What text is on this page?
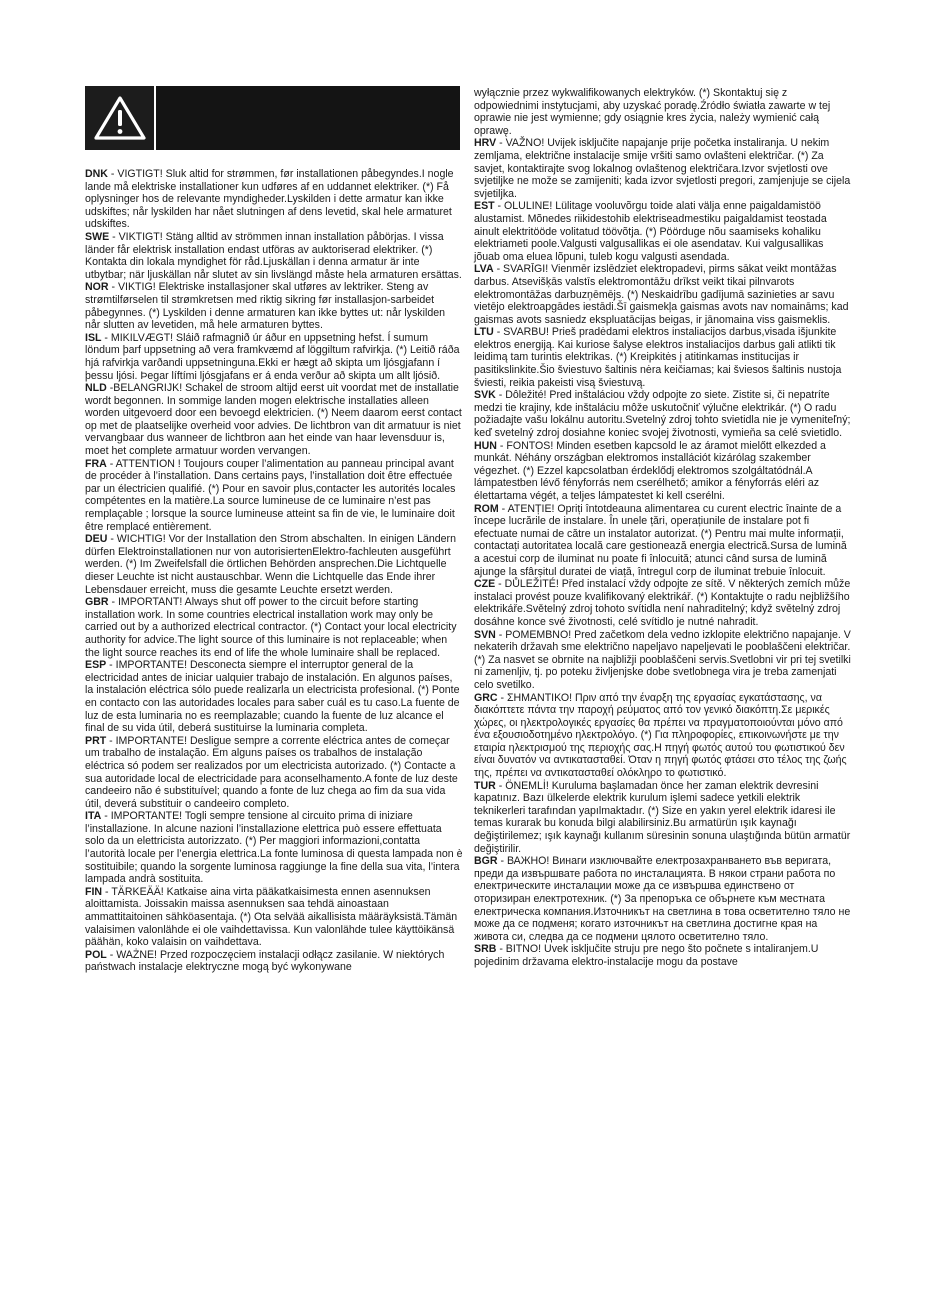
DNK - VIGTIGT! Sluk altid for strømmen, før installationen påbegyndes.I nogle lande må elektriske installationer kun udføres af en uddannet elektriker. (*) Få oplysninger hos de relevante myndigheder.Lyskilden i dette armatur kan ikke udskiftes; når lyskilden har nået slutningen af dens levetid, skal hele armaturet udskiftes.

SWE - VIKTIGT! Stäng alltid av strömmen innan installation påbörjas. I vissa länder får elektrisk installation endast utföras av auktoriserad elektriker. (*) Kontakta din lokala myndighet för råd.Ljuskällan i denna armatur är inte utbytbar; när ljuskällan når slutet av sin livslängd måste hela armaturen ersättas.

NOR - VIKTIG! Elektriske installasjoner skal utføres av lektriker. Steng av strømtilførselen til strømkretsen med riktig sikring før installasjon-sarbeidet påbegynnes. (*) Lyskilden i denne armaturen kan ikke byttes ut: når lyskilden når slutten av levetiden, må hele armaturen byttes.

ISL - MIKILVÆGT! Sláið rafmagnið úr áður en uppsetning hefst. Í sumum löndum þarf uppsetning að vera framkvæmd af löggiltum rafvirkja. (*) Leitið ráða hjá rafvirkja varðandi uppsetninguna.Ekki er hægt að skipta um ljósgjafann í þessu ljósi. Þegar líftími ljósgjafans er á enda verður að skipta um allt ljósið.

NLD -BELANGRIJK! Schakel de stroom altijd eerst uit voordat met de installatie wordt begonnen. In sommige landen mogen elektrische installaties alleen worden uitgevoerd door een bevoegd elektricien. (*) Neem daarom eerst contact op met de plaatselijke overheid voor advies. De lichtbron van dit armatuur is niet vervangbaar dus wanneer de lichtbron aan het einde van haar levensduur is, moet het complete armatuur worden vervangen.

FRA - ATTENTION ! Toujours couper l’alimentation au panneau principal avant de procéder à l’installation. Dans certains pays, l’installation doit être effectuée par un électricien qualifié. (*) Pour en savoir plus,contacter les autorités locales compétentes en la matière.La source lumineuse de ce luminaire n’est pas remplaçable ; lorsque la source lumineuse atteint sa fin de vie, le luminaire doit être remplacé entièrement.

DEU - WICHTIG! Vor der Installation den Strom abschalten. In einigen Ländern dürfen Elektroinstallationen nur von autorisiertenElektro-fachleuten ausgeführt werden. (*) Im Zweifelsfall die örtlichen Behörden ansprechen.Die Lichtquelle dieser Leuchte ist nicht austauschbar. Wenn die Lichtquelle das Ende ihrer Lebensdauer erreicht, muss die gesamte Leuchte ersetzt werden.

GBR - IMPORTANT! Always shut off power to the circuit before starting installation work. In some countries electrical installation work may only be carried out by a authorized electrical contractor. (*) Contact your local electricity authority for advice.The light source of this luminaire is not replaceable; when the light source reaches its end of life the whole luminaire shall be replaced.

ESP - IMPORTANTE! Desconecta siempre el interruptor general de la electricidad antes de iniciar ualquier trabajo de instalación. En algunos países, la instalación eléctrica sólo puede realizarla un electricista profesional. (*) Ponte en contacto con las autoridades locales para saber cuál es tu caso.La fuente de luz de esta luminaria no es reemplazable; cuando la fuente de luz alcance el final de su vida útil, deberá sustituirse la luminaria completa.

PRT - IMPORTANTE! Desligue sempre a corrente eléctrica antes de começar um trabalho de instalação. Em alguns países os trabalhos de instalação eléctrica só podem ser realizados por um electricista autorizado. (*) Contacte a sua autoridade local de electricidade para aconselhamento.A fonte de luz deste candeeiro não é substituível; quando a fonte de luz chega ao fim da sua vida útil, deverá substituir o candeeiro completo.

ITA - IMPORTANTE! Togli sempre tensione al circuito prima di iniziare l’installazione. In alcune nazioni l’installazione elettrica può essere effettuata solo da un elettricista autorizzato. (*) Per maggiori informazioni,contatta l’autorità locale per l’energia elettrica.La fonte luminosa di questa lampada non è sostituibile; quando la sorgente luminosa raggiunge la fine della sua vita, l’intera lampada andrà sostituita.

FIN - TÄRKEÄÄ! Katkaise aina virta pääkatkaisimesta ennen asennuksen aloittamista. Joissakin maissa asennuksen saa tehdä ainoastaan ammattitaitoinen sähköasentaja. (*) Ota selvää aikallisista määräyksistä.Tämän valaisimen valonlähde ei ole vaihdettavissa. Kun valonlähde tulee käyttöikänsä päähän, koko valaisin on vaihdettava.

POL - WAŻNE! Przed rozpoczęciem instalacji odłącz zasilanie. W niektórych państwach instalacje elektryczne mogą być wykonywane

wyłącznie przez wykwalifikowanych elektryków. (*) Skontaktuj się z odpowiednimi instytucjami, aby uzyskać poradę.Źródło światła zawarte w tej oprawie nie jest wymienne; gdy osiągnie kres życia, należy wymienić całą oprawę.

HRV - VAŽNO! Uvijek isključite napajanje prije početka instaliranja. U nekim zemljama, električne instalacije smije vršiti samo ovlašteni električar. (*) Za savjet, kontaktirajte svog lokalnog ovlaštenog električara.Izvor svjetlosti ove svjetiljke ne može se zamijeniti; kada izvor svjetlosti pregori, zamjenjuje se cijela svjetiljka.

EST - OLULINE! Lülitage vooluvõrgu toide alati välja enne paigaldamistöö alustamist. Mõnedes riikidestohib elektriseadmestiku paigaldamist teostada ainult elektritööde volitatud töövõtja. (*) Pöörduge nõu saamiseks kohaliku elektriameti poole.Valgusti valgusallikas ei ole asendatav. Kui valgusallikas jõuab oma eluea lõpuni, tuleb kogu valgusti asendada.

LVA - SVARĪGI! Vienmēr izslēdziet elektropadevi, pirms sākat veikt montāžas darbus. Atsevišķās valstīs elektromontāžu drīkst veikt tikai pilnvarots elektromontāžas darbuzņēmējs. (*) Neskaidrību gadījumā sazinieties ar savu vietējo elektroapgādes iestādi.Šī gaismekļa gaismas avots nav nomaināms; kad gaismas avots sasniedz ekspluatācijas beigas, ir jānomaina viss gaismeklis.

LTU - SVARBU! Prieš pradėdami elektros instaliacijos darbus,visada išjunkite elektros energiją. Kai kuriose šalyse elektros instaliacijos darbus gali atlikti tik leidimą tam turintis elektrikas. (*) Kreipkitės į atitinkamas institucijas ir pasitikslinkite.Šio šviestuvo šaltinis nėra keičiamas; kai šviesos šaltinis nustoja šviesti, reikia pakeisti visą šviestuvą.

SVK - Dôležité! Pred inštaláciou vždy odpojte zo siete. Zistite si, či nepatríte medzi tie krajiny, kde inštaláciu môže uskutočniť výlučne elektrikár. (*) O radu požiadajte vašu lokálnu autoritu.Svetelný zdroj tohto svietidla nie je vymeniteľný; keď svetelný zdroj dosiahne koniec svojej životnosti, vymieňa sa celé svietidlo.

HUN - FONTOS! Minden esetben kapcsold le az áramot mielőtt elkezded a munkát. Néhány országban elektromos installációt kizárólag szakember végezhet. (*) Ezzel kapcsolatban érdeklődj elektromos szolgáltatódnál.A lámpatestben lévő fényforrás nem cserélhető; amikor a fényforrás eléri az élettartama végét, a teljes lámpatestet ki kell cserélni.

ROM - ATENȚIE! Opriți întotdeauna alimentarea cu curent electric înainte de a începe lucrările de instalare. În unele țări, operațiunile de instalare pot fi efectuate numai de către un instalator autorizat. (*) Pentru mai multe informații, contactați autoritatea locală care gestionează energia electrică.Sursa de lumină a acestui corp de iluminat nu poate fi înlocuită; atunci când sursa de lumină ajunge la sfârșitul duratei de viață, întregul corp de iluminat trebuie înlocuit.

CZE - DŮLEŽITÉ! Před instalací vždy odpojte ze sítě. V některých zemích může instalaci provést pouze kvalifikovaný elektrikář. (*) Kontaktujte o radu nejbližšího elektrikáře.Světelný zdroj tohoto svítidla není nahraditelný; když světelný zdroj dosáhne konce své životnosti, celé svítidlo je nutné nahradit.

SVN - POMEMBNO! Pred začetkom dela vedno izklopite električno napajanje. V nekaterih državah sme električno napeljavo napeljevati le pooblaščeni električar. (*) Za nasvet se obrnite na najbližji pooblaščeni servis.Svetlobni vir pri tej svetilki ni zamenljiv, tj. po poteku življenjske dobe svetlobnega vira je treba zamenjati celo svetilko.

GRC - ΣΗΜΑΝΤΙΚΟ! Πριν από την έναρξη της εργασίας εγκατάστασης, να διακόπτετε πάντα την παροχή ρεύματος από τον γενικό διακόπτη.Σε μερικές χώρες, οι ηλεκτρολογικές εργασίες θα πρέπει να πραγματοποιούνται μόνο από ένα εξουσιοδοτημένο ηλεκτρολόγο. (*) Για πληροφορίες, επικοινωνήστε με την εταιρία ηλεκτρισμού της περιοχής σας.Η πηγή φωτός αυτού του φωτιστικού δεν είναι δυνατόν να αντικατασταθεί. Όταν η πηγή φωτός φτάσει στο τέλος της ζωής της, πρέπει να αντικατασταθεί ολόκληρο το φωτιστικό.

TUR - ÖNEMLİ! Kuruluma başlamadan önce her zaman elektrik devresini kapatınız. Bazı ülkelerde elektrik kurulum işlemi sadece yetkili elektrik teknikerleri tarafından yapılmaktadır. (*) Size en yakın yerel elektrik idaresi ile temas kurarak bu konuda bilgi alabilirsiniz.Bu armatürün ışık kaynağı değiştirilemez; ışık kaynağı kullanım süresinin sonuna ulaştığında bütün armatür değiştirilir.

BGR - ВАЖНО! Винаги изключвайте електрозахранването във веригата, преди да извършвате работа по инсталацията. В някои страни работа по електрическите инсталации може да се извършва единствено от оторизиран електротехник. (*) За препоръка се обърнете към местната електрическа компания.Източникът на светлина в това осветително тяло не може да се подменя; когато източникът на светлина достигне края на живота си, следва да се подмени цялото осветително тяло.

SRB - BITNO! Uvek isključite struju pre nego što počnete s intaliranjem.U pojedinim državama elektro-instalacije mogu da postave
